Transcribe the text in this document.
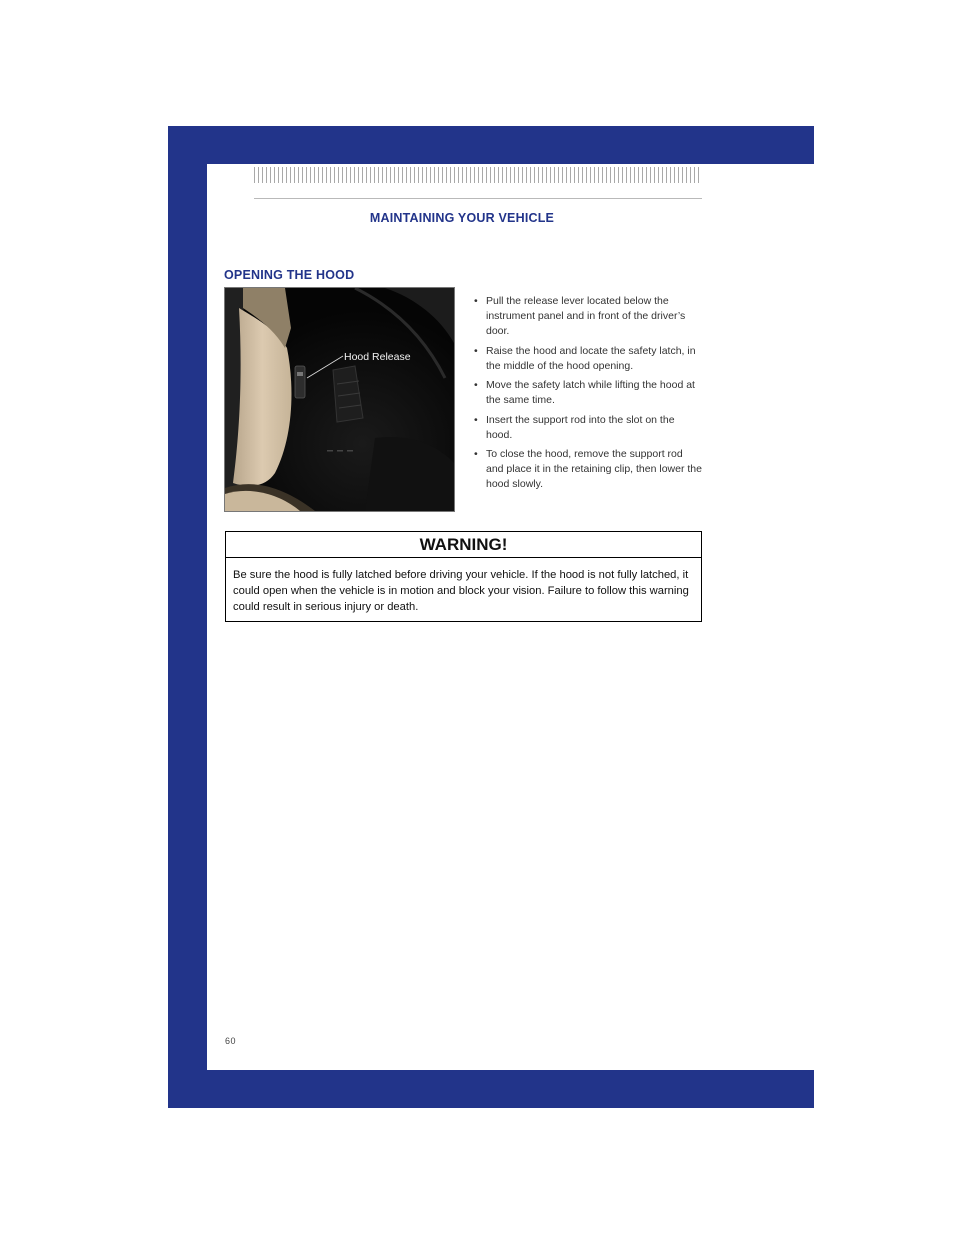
MAINTAINING YOUR VEHICLE
OPENING THE HOOD
Hood Release
• Pull the release lever located below the instrument panel and in front of the driver’s door.
• Raise the hood and locate the safety latch, in the middle of the hood opening.
• Move the safety latch while lifting the hood at the same time.
• Insert the support rod into the slot on the hood.
• To close the hood, remove the support rod and place it in the retaining clip, then lower the hood slowly.
WARNING!
Be sure the hood is fully latched before driving your vehicle. If the hood is not fully latched, it could open when the vehicle is in motion and block your vision. Failure to follow this warning could result in serious injury or death.
60
